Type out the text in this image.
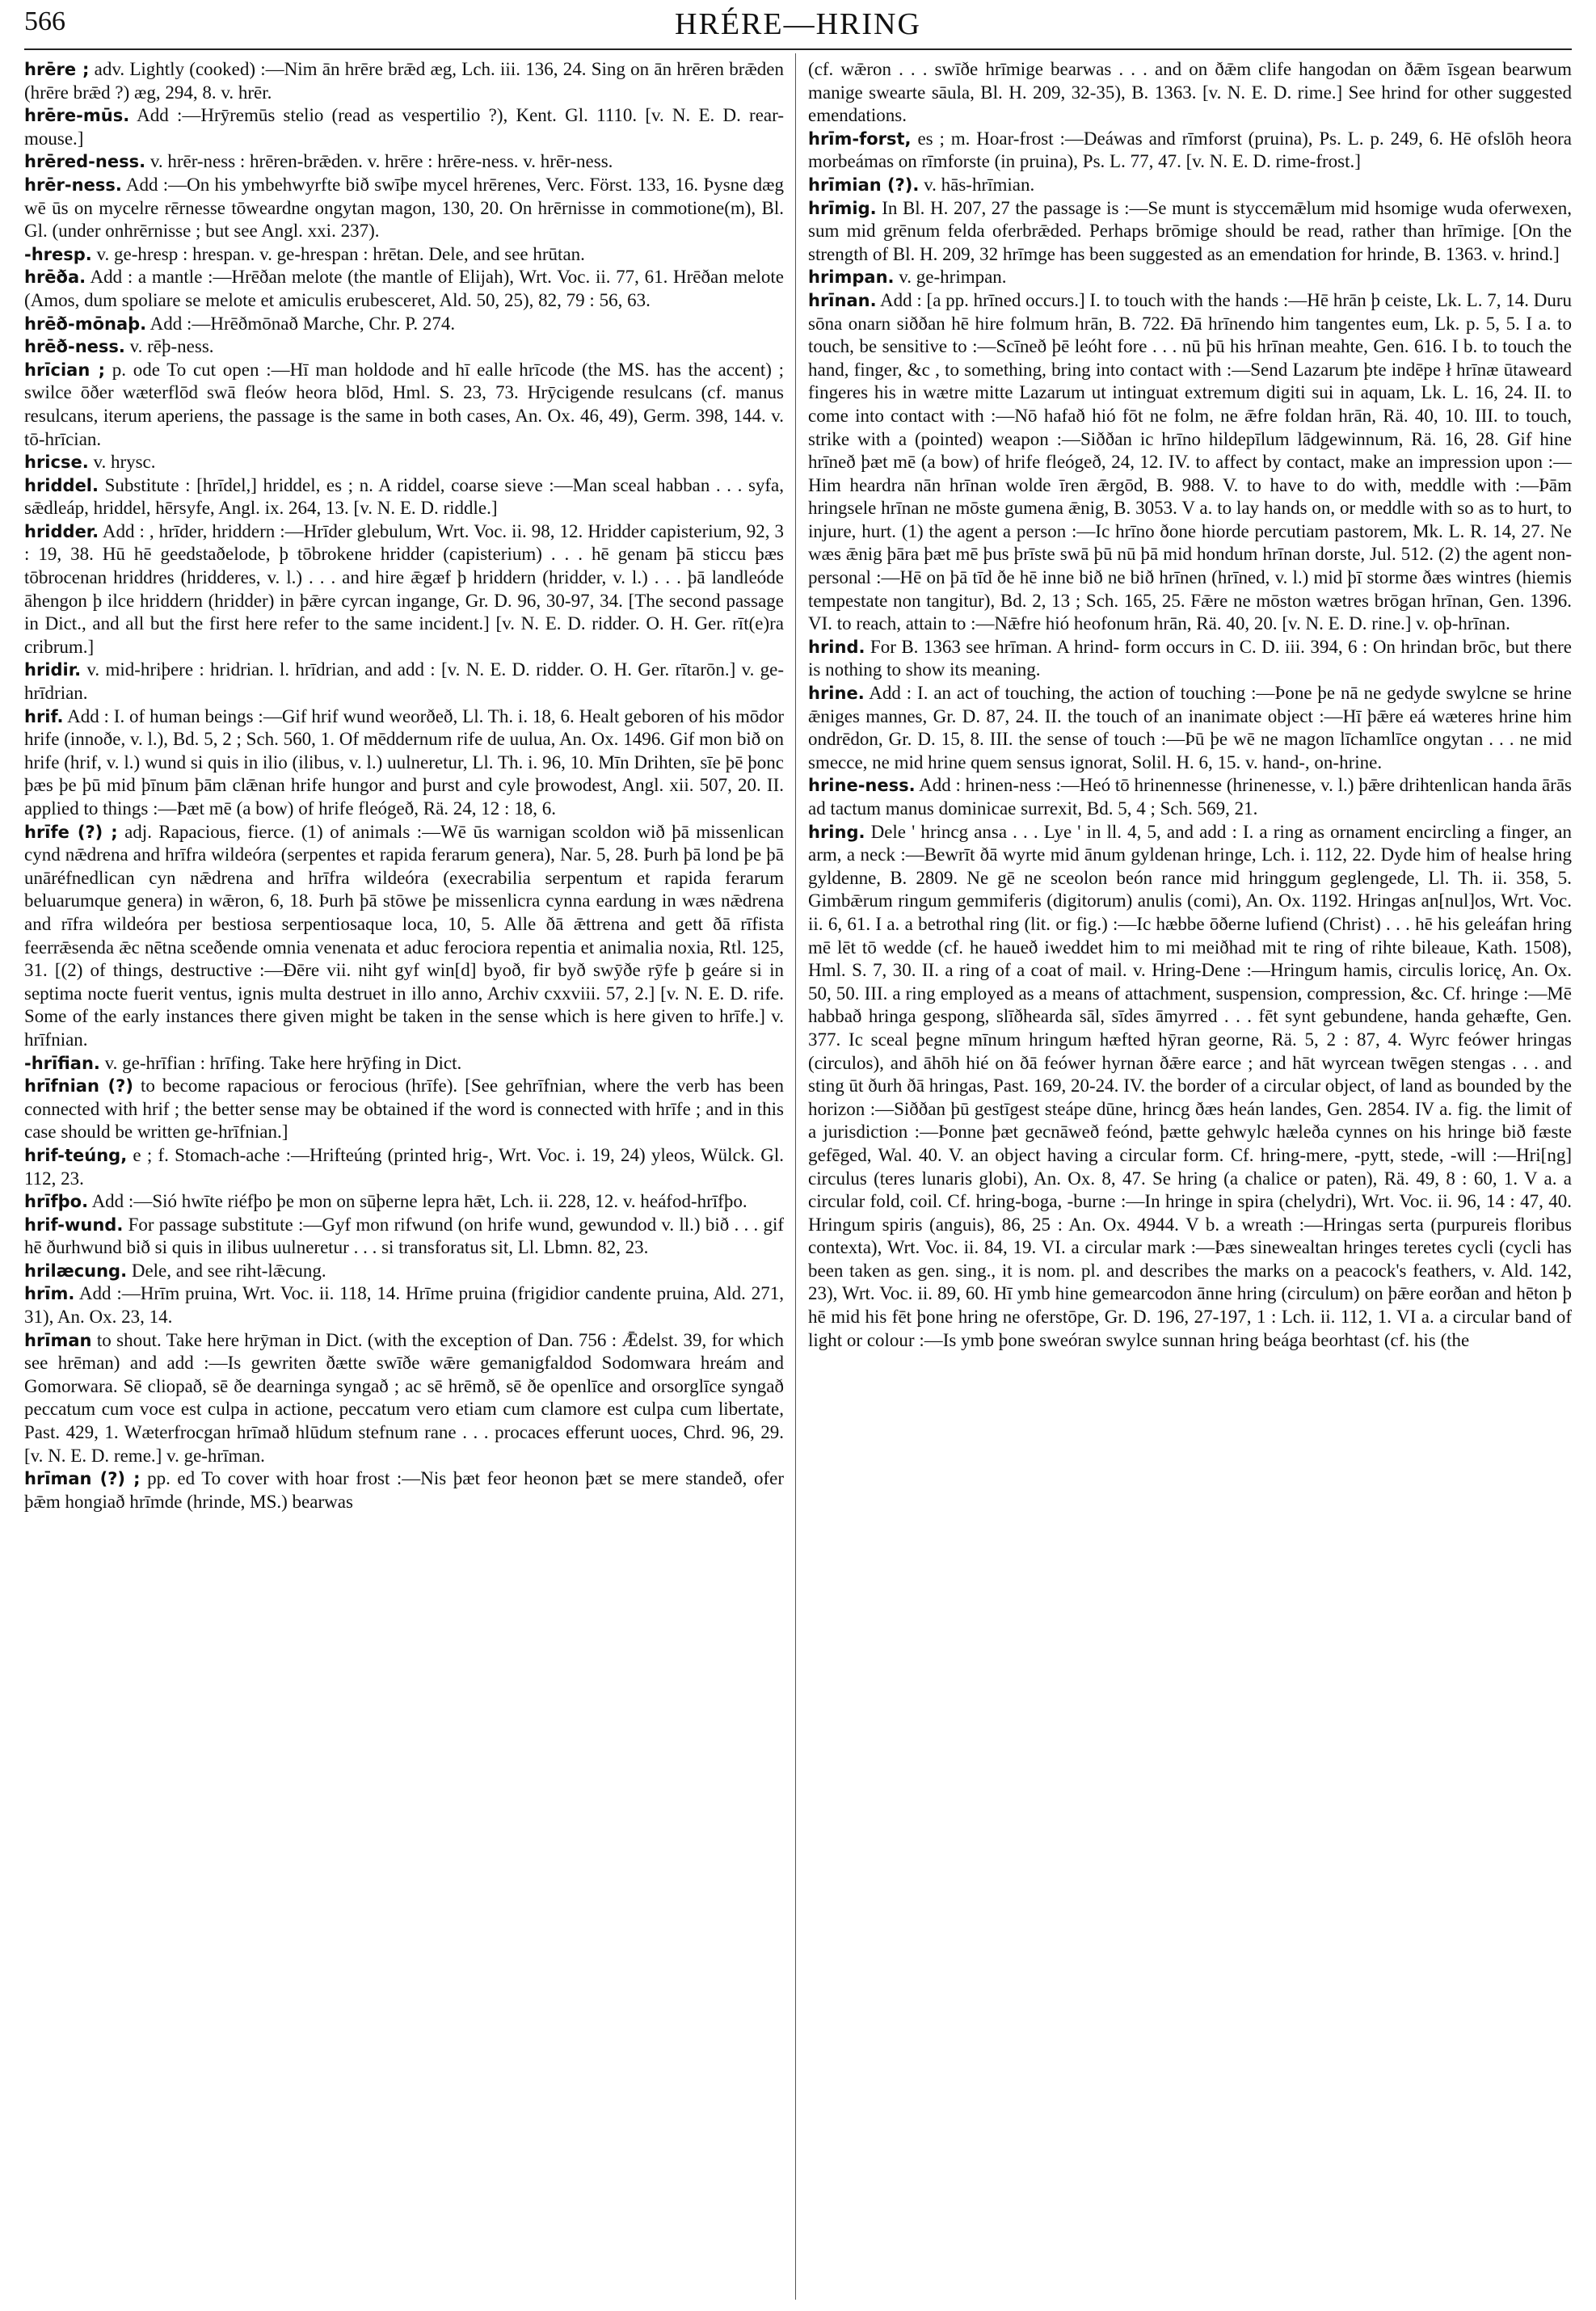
566	HRÉRE—HRING

hrēre ; adv. Lightly (cooked) :—Nim ān hrēre brǣd æg, Lch. iii. 136, 24. Sing on ān hrēren brǣden (hrēre brǣd ?) æg, 294, 8. v. hrēr.

hrēre-mūs. Add :—Hrȳremūs stelio (read as vespertilio ?), Kent. Gl. 1110. [v. N. E. D. rear-mouse.]

hrēred-ness. v. hrēr-ness : hrēren-brǣden. v. hrēre : hrēre-ness. v. hrēr-ness.

hrēr-ness. Add :—On his ymbehwyrfte bið swīþe mycel hrērenes, Verc. Först. 133, 16. Þysne dæg wē ūs on mycelre rērnesse tōweardne ongytan magon, 130, 20. On hrērnisse in commotione(m), Bl. Gl. (under onhrērnisse ; but see Angl. xxi. 237).

-hresp. v. ge-hresp : hrespan. v. ge-hrespan : hrētan. Dele, and see hrūtan.

hrēða. Add : a mantle :—Hrēðan melote (the mantle of Elijah), Wrt. Voc. ii. 77, 61. Hrēðan melote (Amos, dum spoliare se melote et amiculis erubesceret, Ald. 50, 25), 82, 79 : 56, 63.

hrēð-mōnaþ. Add :—Hrēðmōnað Marche, Chr. P. 274.

hrēð-ness. v. rēþ-ness.

hrīcian ; p. ode To cut open :—Hī man holdode and hī ealle hrīcode (the MS. has the accent) ; swilce ōðer wæterflōd swā fleów heora blōd, Hml. S. 23, 73. Hrȳcigende resulcans (cf. manus resulcans, iterum aperiens, the passage is the same in both cases, An. Ox. 46, 49), Germ. 398, 144. v. tō-hrīcian.

hricse. v. hrysc.

hriddel. Substitute : [hrīdel,] hriddel, es ; n. A riddel, coarse sieve :—Man sceal habban . . . syfa, sǣdleáp, hriddel, hērsyfe, Angl. ix. 264, 13. [v. N. E. D. riddle.]

hridder. Add : , hrīder, hriddern :—Hrīder glebulum, Wrt. Voc. ii. 98, 12. Hridder capisterium, 92, 3 : 19, 38. Hū hē geedstaðelode, þ tōbrokene hridder (capisterium) . . . hē genam þā sticcu þæs tōbrocenan hriddres (hridderes, v. l.) . . . and hire ǣgæf þ hriddern (hridder, v. l.) . . . þā landleóde āhengon þ ilce hriddern (hridder) in þǣre cyrcan ingange, Gr. D. 96, 30-97, 34. [The second passage in Dict., and all but the first here refer to the same incident.] [v. N. E. D. ridder. O. H. Ger. rīt(e)ra cribrum.]

hridir. v. mid-hriþere : hridrian. l. hrīdrian, and add : [v. N. E. D. ridder. O. H. Ger. rītarōn.] v. ge-hrīdrian.

hrif. Add : I. of human beings :—Gif hrif wund weorðeð, Ll. Th. i. 18, 6. Healt geboren of his mōdor hrife (innoðe, v. l.), Bd. 5, 2 ; Sch. 560, 1. Of mēddernum rife de uulua, An. Ox. 1496. Gif mon bið on hrife (hrif, v. l.) wund si quis in ilio (ilibus, v. l.) uulneretur, Ll. Th. i. 96, 10. Mīn Drihten, sīe þē þonc þæs þe þū mid þīnum þām clǣnan hrife hungor and þurst and cyle þrowodest, Angl. xii. 507, 20. II. applied to things :—Þæt mē (a bow) of hrife fleógeð, Rä. 24, 12 : 18, 6.

hrīfe (?) ; adj. Rapacious, fierce. (1) of animals :—Wē ūs warnigan scoldon wið þā missenlican cynd nǣdrena and hrīfra wildeóra (serpentes et rapida ferarum genera), Nar. 5, 28. Þurh þā lond þe þā unāréfnedlican cyn nǣdrena and hrīfra wildeóra (execrabilia serpentum et rapida ferarum beluarumque genera) in wǣron, 6, 18. Þurh þā stōwe þe missenlicra cynna eardung in wæs nǣdrena and rīfra wildeóra per bestiosa serpentiosaque loca, 10, 5. Alle ðā ǣttrena and gett ðā rīfista feerrǣsenda ǣc nētna sceðende omnia venenata et aduc ferociora repentia et animalia noxia, Rtl. 125, 31. [(2) of things, destructive :—Ðēre vii. niht gyf win[d] byoð, fir byð swȳðe rȳfe þ geáre si in septima nocte fuerit ventus, ignis multa destruet in illo anno, Archiv cxxviii. 57, 2.] [v. N. E. D. rife. Some of the early instances there given might be taken in the sense which is here given to hrīfe.] v. hrīfnian.

-hrīfian. v. ge-hrīfian : hrīfing. Take here hrȳfing in Dict.

hrīfnian (?) to become rapacious or ferocious (hrīfe). [See gehrīfnian, where the verb has been connected with hrif ; the better sense may be obtained if the word is connected with hrīfe ; and in this case should be written ge-hrīfnian.]

hrif-teúng, e ; f. Stomach-ache :—Hrifteúng (printed hrig-, Wrt. Voc. i. 19, 24) yleos, Wülck. Gl. 112, 23.

hrīfþo. Add :—Sió hwīte riéfþo þe mon on sūþerne lepra hǣt, Lch. ii. 228, 12. v. heáfod-hrīfþo.

hrif-wund. For passage substitute :—Gyf mon rifwund (on hrife wund, gewundod v. ll.) bið . . . gif hē ðurhwund bið si quis in ilibus uulneretur . . . si transforatus sit, Ll. Lbmn. 82, 23.

hrilæcung. Dele, and see riht-lǣcung.

hrīm. Add :—Hrīm pruina, Wrt. Voc. ii. 118, 14. Hrīme pruina (frigidior candente pruina, Ald. 271, 31), An. Ox. 23, 14.

hrīman to shout. Take here hrȳman in Dict. (with the exception of Dan. 756 : Ǣdelst. 39, for which see hrēman) and add :—Is gewriten ðætte swīðe wǣre gemanigfaldod Sodomwara hreám and Gomorwara. Sē cliopað, sē ðe dearninga syngað ; ac sē hrēmð, sē ðe openlīce and orsorglīce syngað peccatum cum voce est culpa in actione, peccatum vero etiam cum clamore est culpa cum libertate, Past. 429, 1. Wæterfrocgan hrīmað hlūdum stefnum rane . . . procaces efferunt uoces, Chrd. 96, 29. [v. N. E. D. reme.] v. ge-hrīman.

hrīman (?) ; pp. ed To cover with hoar frost :—Nis þæt feor heonon þæt se mere standeð, ofer þǣm hongiað hrīmde (hrinde, MS.) bearwas

(cf. wǣron . . . swīðe hrīmige bearwas . . . and on ðǣm clife hangodan on ðǣm īsgean bearwum manige swearte sāula, Bl. H. 209, 32-35), B. 1363. [v. N. E. D. rime.] See hrind for other suggested emendations.

hrīm-forst, es ; m. Hoar-frost :—Deáwas and rīmforst (pruina), Ps. L. p. 249, 6. Hē ofslōh heora morbeámas on rīmforste (in pruina), Ps. L. 77, 47. [v. N. E. D. rime-frost.]

hrīmian (?). v. hās-hrīmian.

hrīmig. In Bl. H. 207, 27 the passage is :—Se munt is styccemǣlum mid hsomige wuda oferwexen, sum mid grēnum felda oferbrǣded. Perhaps brōmige should be read, rather than hrīmige. [On the strength of Bl. H. 209, 32 hrīmge has been suggested as an emendation for hrinde, B. 1363. v. hrind.]

hrimpan. v. ge-hrimpan.

hrīnan. Add : [a pp. hrīned occurs.] I. to touch with the hands :—Hē hrān þ ceiste, Lk. L. 7, 14. Duru sōna onarn siððan hē hire folmum hrān, B. 722. Ðā hrīnendo him tangentes eum, Lk. p. 5, 5. I a. to touch, be sensitive to :—Scīneð þē leóht fore . . . nū þū his hrīnan meahte, Gen. 616. I b. to touch the hand, finger, &c , to something, bring into contact with :—Send Lazarum þte indēpe ł hrīnæ ūtaweard fingeres his in wætre mitte Lazarum ut intinguat extremum digiti sui in aquam, Lk. L. 16, 24. II. to come into contact with :—Nō hafað hió fōt ne folm, ne ǣfre foldan hrān, Rä. 40, 10. III. to touch, strike with a (pointed) weapon :—Siððan ic hrīno hildepīlum lādgewinnum, Rä. 16, 28. Gif hine hrīneð þæt mē (a bow) of hrife fleógeð, 24, 12. IV. to affect by contact, make an impression upon :—Him heardra nān hrīnan wolde īren ǣrgōd, B. 988. V. to have to do with, meddle with :—Þām hringsele hrīnan ne mōste gumena ǣnig, B. 3053. V a. to lay hands on, or meddle with so as to hurt, to injure, hurt. (1) the agent a person :—Ic hrīno ðone hiorde percutiam pastorem, Mk. L. R. 14, 27. Ne wæs ǣnig þāra þæt mē þus þrīste swā þū nū þā mid hondum hrīnan dorste, Jul. 512. (2) the agent non-personal :—Hē on þā tīd ðe hē inne bið ne bið hrīnen (hrīned, v. l.) mid þī storme ðæs wintres (hiemis tempestate non tangitur), Bd. 2, 13 ; Sch. 165, 25. Fǣre ne mōston wætres brōgan hrīnan, Gen. 1396. VI. to reach, attain to :—Nǣfre hió heofonum hrān, Rä. 40, 20. [v. N. E. D. rine.] v. oþ-hrīnan.

hrind. For B. 1363 see hrīman. A hrind- form occurs in C. D. iii. 394, 6 : On hrindan brōc, but there is nothing to show its meaning.

hrine. Add : I. an act of touching, the action of touching :—Þone þe nā ne gedyde swylcne se hrine ǣniges mannes, Gr. D. 87, 24. II. the touch of an inanimate object :—Hī þǣre eá wæteres hrine him ondrēdon, Gr. D. 15, 8. III. the sense of touch :—Þū þe wē ne magon līchamlīce ongytan . . . ne mid smecce, ne mid hrine quem sensus ignorat, Solil. H. 6, 15. v. hand-, on-hrine.

hrine-ness. Add : hrinen-ness :—Heó tō hrinennesse (hrinenesse, v. l.) þǣre drihtenlican handa ārās ad tactum manus dominicae surrexit, Bd. 5, 4 ; Sch. 569, 21.

hring. Dele ' hrincg ansa . . . Lye ' in ll. 4, 5, and add : I. a ring as ornament encircling a finger, an arm, a neck :—Bewrīt ðā wyrte mid ānum gyldenan hringe, Lch. i. 112, 22. Dyde him of healse hring gyldenne, B. 2809. Ne gē ne sceolon beón rance mid hringgum geglengede, Ll. Th. ii. 358, 5. Gimbǣrum ringum gemmiferis (digitorum) anulis (comi), An. Ox. 1192. Hringas an[nul]os, Wrt. Voc. ii. 6, 61. I a. a betrothal ring (lit. or fig.) :—Ic hæbbe ōðerne lufiend (Christ) . . . hē his geleáfan hring mē lēt tō wedde (cf. he haueð iweddet him to mi meiðhad mit te ring of rihte bileaue, Kath. 1508), Hml. S. 7, 30. II. a ring of a coat of mail. v. Hring-Dene :—Hringum hamis, circulis loricę, An. Ox. 50, 50. III. a ring employed as a means of attachment, suspension, compression, &c. Cf. hringe :—Mē habbað hringa gespong, slīðhearda sāl, sīdes āmyrred . . . fēt synt gebundene, handa gehæfte, Gen. 377. Ic sceal þegne mīnum hringum hæfted hȳran georne, Rä. 5, 2 : 87, 4. Wyrc feówer hringas (circulos), and āhōh hié on ðā feówer hyrnan ðǣre earce ; and hāt wyrcean twēgen stengas . . . and sting ūt ðurh ðā hringas, Past. 169, 20-24. IV. the border of a circular object, of land as bounded by the horizon :—Siððan þū gestīgest steápe dūne, hrincg ðæs heán landes, Gen. 2854. IV a. fig. the limit of a jurisdiction :—Þonne þæt gecnāweð feónd, þætte gehwylc hæleða cynnes on his hringe bið fæste gefēged, Wal. 40. V. an object having a circular form. Cf. hring-mere, -pytt, stede, -will :—Hri[ng] circulus (teres lunaris globi), An. Ox. 8, 47. Se hring (a chalice or paten), Rä. 49, 8 : 60, 1. V a. a circular fold, coil. Cf. hring-boga, -burne :—In hringe in spira (chelydri), Wrt. Voc. ii. 96, 14 : 47, 40. Hringum spiris (anguis), 86, 25 : An. Ox. 4944. V b. a wreath :—Hringas serta (purpureis floribus contexta), Wrt. Voc. ii. 84, 19. VI. a circular mark :—Þæs sinewealtan hringes teretes cycli (cycli has been taken as gen. sing., it is nom. pl. and describes the marks on a peacock's feathers, v. Ald. 142, 23), Wrt. Voc. ii. 89, 60. Hī ymb hine gemearcodon ānne hring (circulum) on þǣre eorðan and hēton þ hē mid his fēt þone hring ne oferstōpe, Gr. D. 196, 27-197, 1 : Lch. ii. 112, 1. VI a. a circular band of light or colour :—Is ymb þone sweóran swylce sunnan hring beága beorhtast (cf. his (the
